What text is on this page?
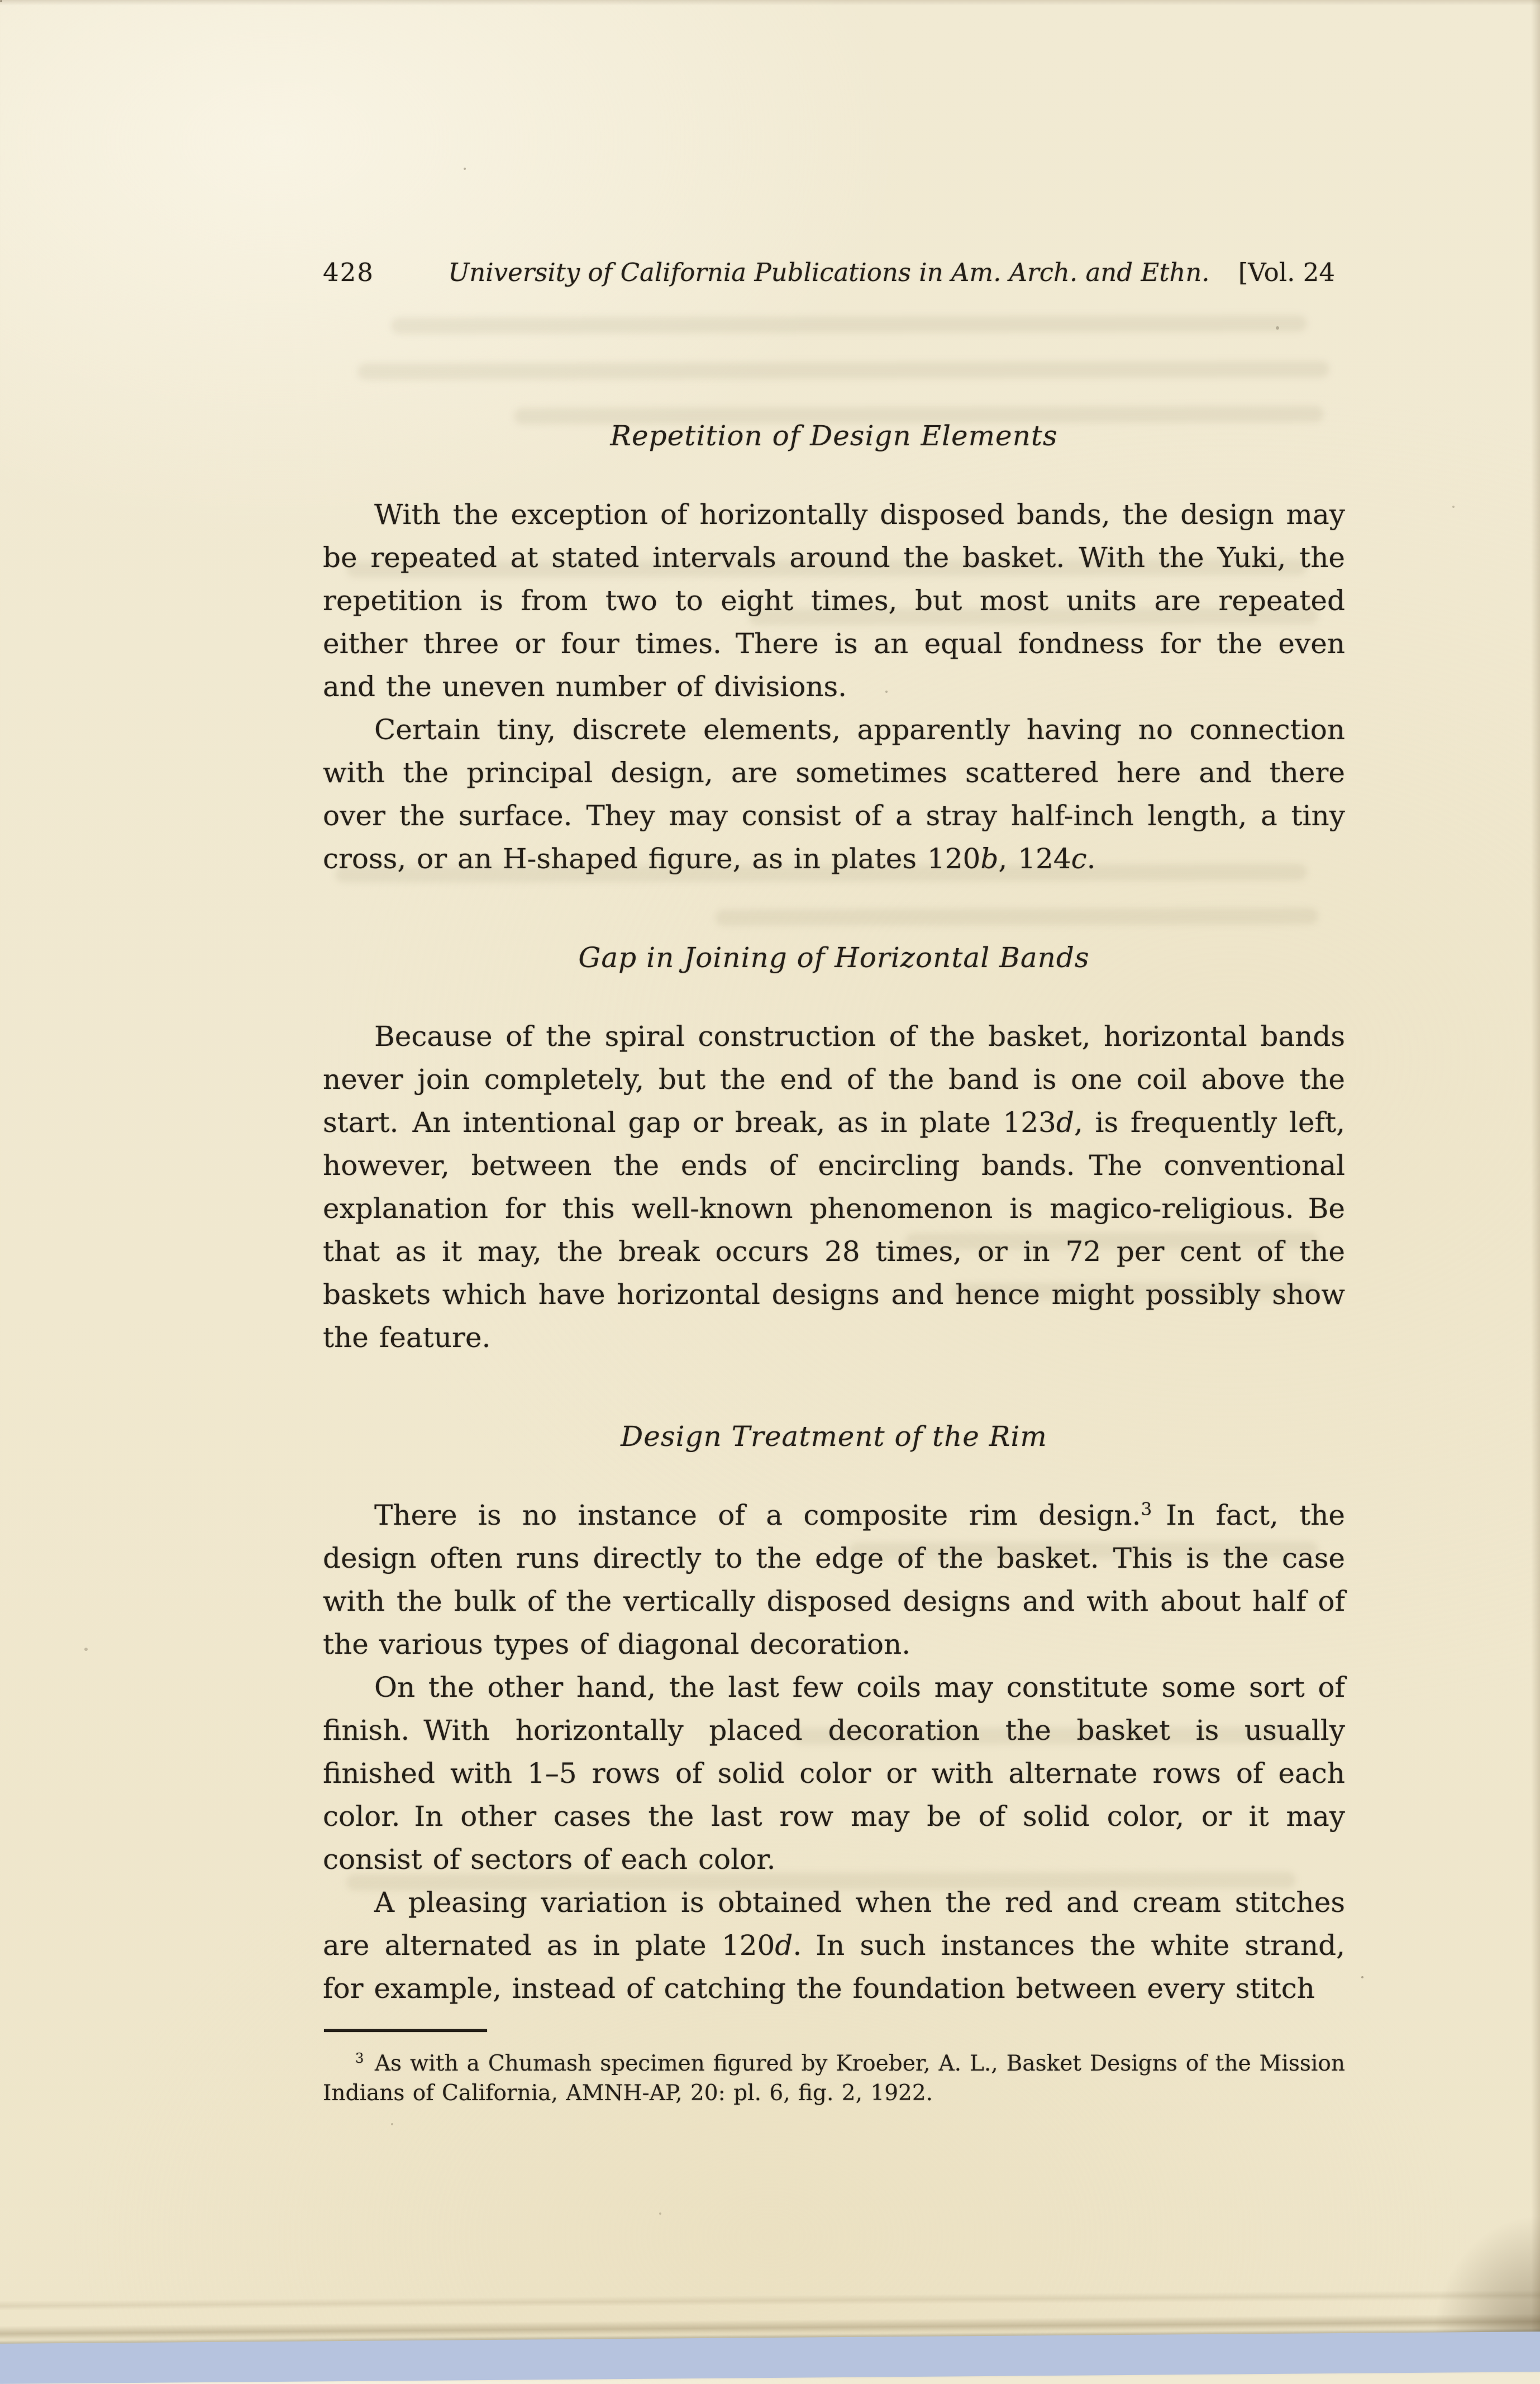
428	University of California Publications in Am. Arch. and Ethn.	[Vol. 24
Repetition of Design Elements

With the exception of horizontally disposed bands, the design may be repeated at stated intervals around the basket. With the Yuki, the repetition is from two to eight times, but most units are repeated either three or four times. There is an equal fondness for the even and the uneven number of divisions.

Certain tiny, discrete elements, apparently having no connection with the principal design, are sometimes scattered here and there over the surface. They may consist of a stray half-inch length, a tiny cross, or an H-shaped figure, as in plates 120b, 124c.

Gap in Joining of Horizontal Bands

Because of the spiral construction of the basket, horizontal bands never join completely, but the end of the band is one coil above the start. An intentional gap or break, as in plate 123d, is frequently left, however, between the ends of encircling bands. The conventional explanation for this well-known phenomenon is magico-religious. Be that as it may, the break occurs 28 times, or in 72 per cent of the baskets which have horizontal designs and hence might possibly show the feature.

Design Treatment of the Rim

There is no instance of a composite rim design.$^3$ In fact, the design often runs directly to the edge of the basket. This is the case with the bulk of the vertically disposed designs and with about half of the various types of diagonal decoration.

On the other hand, the last few coils may constitute some sort of finish. With horizontally placed decoration the basket is usually finished with 1–5 rows of solid color or with alternate rows of each color. In other cases the last row may be of solid color, or it may consist of sectors of each color.

A pleasing variation is obtained when the red and cream stitches are alternated as in plate 120d. In such instances the white strand, for example, instead of catching the foundation between every stitch

$^3$  As with a Chumash specimen figured by Kroeber, A. L., Basket Designs of the Mission Indians of California, AMNH-AP, 20: pl. 6, fig. 2, 1922.
